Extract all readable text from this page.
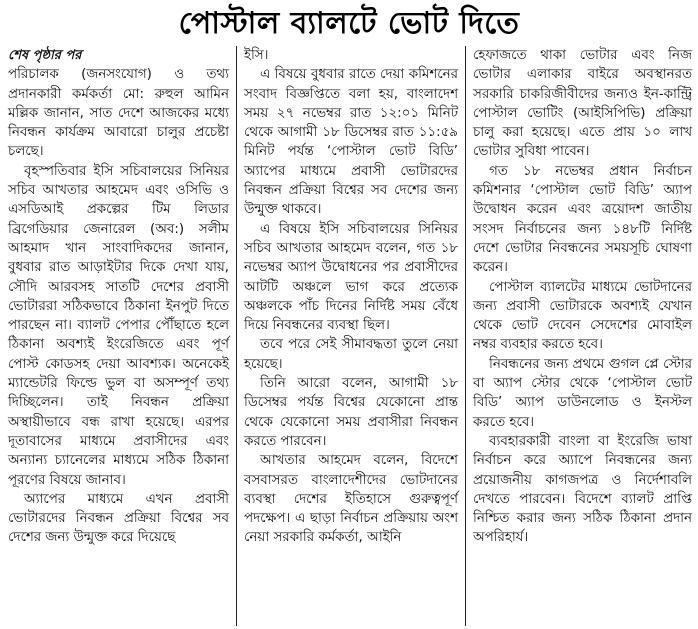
পোস্টাল ব্যালটে ভোট দিতে
শেষ পৃষ্ঠার পর

পরিচালক (জনসংযোগ) ও তথ্য প্রদানকারী কর্মকর্তা মো: রুহুল আমিন মল্লিক জানান, সাত দেশে আজকের মধ্যে নিবন্ধন কার্যক্রম আবারো চালুর প্রচেষ্টা চলছে।

বৃহস্পতিবার ইসি সচিবালয়ের সিনিয়র সচিব আখতার আহমেদ এবং ওসিভি ও এসডিআই প্রকল্পের টিম লিডার ব্রিগেডিয়ার জেনারেল (অব:) সলীম আহমাদ খান সাংবাদিকদের জানান, বুধবার রাত আড়াইটার দিকে দেখা যায়, সৌদি আরবসহ সাতটি দেশের প্রবাসী ভোটাররা সঠিকভাবে ঠিকানা ইনপুট দিতে পারছেন না। ব্যালট পেপার পৌঁছাতে হলে ঠিকানা অবশ্যই ইংরেজিতে এবং পূর্ণ পোস্ট কোডসহ দেয়া আবশ্যক। অনেকেই ম্যান্ডেটরি ফিল্ডে ভুল বা অসম্পূর্ণ তথ্য দিচ্ছিলেন। তাই নিবন্ধন প্রক্রিয়া অস্থায়ীভাবে বন্ধ রাখা হয়েছে। এরপর দূতাবাসের মাধ্যমে প্রবাসীদের এবং অন্যান্য চ্যানেলের মাধ্যমে সঠিক ঠিকানা পূরণের বিষয়ে জানাব।

অ্যাপের মাধ্যমে এখন প্রবাসী ভোটারদের নিবন্ধন প্রক্রিয়া বিশ্বের সব দেশের জন্য উন্মুক্ত করে দিয়েছে

ইসি।

এ বিষয়ে বুধবার রাতে দেয়া কমিশনের সংবাদ বিজ্ঞপ্তিতে বলা হয়, বাংলাদেশ সময় ২৭ নভেম্বর রাত ১২:০১ মিনিট থেকে আগামী ১৮ ডিসেম্বর রাত ১১:৫৯ মিনিট পর্যন্ত ‘পোস্টাল ভোট বিডি’ অ্যাপের মাধ্যমে প্রবাসী ভোটারদের নিবন্ধন প্রক্রিয়া বিশ্বের সব দেশের জন্য উন্মুক্ত থাকবে।

এ বিষয়ে ইসি সচিবালয়ের সিনিয়র সচিব আখতার আহমেদ বলেন, গত ১৮ নভেম্বর অ্যাপ উদ্বোধনের পর প্রবাসীদের আটটি অঞ্চলে ভাগ করে প্রত্যেক অঞ্চলকে পাঁচ দিনের নির্দিষ্ট সময় বেঁধে দিয়ে নিবন্ধনের ব্যবস্থা ছিল।

তবে পরে সেই সীমাবদ্ধতা তুলে নেয়া হয়েছে।

তিনি আরো বলেন, আগামী ১৮ ডিসেম্বর পর্যন্ত বিশ্বের যেকোনো প্রান্ত থেকে যেকোনো সময় প্রবাসীরা নিবন্ধন করতে পারবেন।

আখতার আহমেদ বলেন, বিদেশে বসবাসরত বাংলাদেশীদের ভোটদানের ব্যবস্থা দেশের ইতিহাসে গুরুত্বপূর্ণ পদক্ষেপ। এ ছাড়া নির্বাচন প্রক্রিয়ায় অংশ নেয়া সরকারি কর্মকর্তা, আইনি

হেফাজতে থাকা ভোটার এবং নিজ ভোটার এলাকার বাইরে অবস্থানরত সরকারি চাকরিজীবীদের জন্যও ইন-কান্ট্রি পোস্টাল ভোটিং (আইসিপিভি) প্রক্রিয়া চালু করা হয়েছে। এতে প্রায় ১০ লাখ ভোটার সুবিধা পাবেন।

গত ১৮ নভেম্বর প্রধান নির্বাচন কমিশনার ‘পোস্টাল ভোট বিডি’ অ্যাপ উদ্বোধন করেন এবং ত্রয়োদশ জাতীয় সংসদ নির্বাচনের জন্য ১৪৮টি নির্দিষ্ট দেশে ভোটার নিবন্ধনের সময়সূচি ঘোষণা করেন।

পোস্টাল ব্যালটের মাধ্যমে ভোটদানের জন্য প্রবাসী ভোটারকে অবশ্যই যেখান থেকে ভোট দেবেন সেদেশের মোবাইল নম্বর ব্যবহার করতে হবে।

নিবন্ধনের জন্য প্রথমে গুগল প্লে স্টোর বা অ্যাপ স্টোর থেকে ‘পোস্টাল ভোট বিডি’ অ্যাপ ডাউনলোড ও ইনস্টল করতে হবে।

ব্যবহারকারী বাংলা বা ইংরেজি ভাষা নির্বাচন করে অ্যাপে নিবন্ধনের জন্য প্রয়োজনীয় কাগজপত্র ও নির্দেশাবলি দেখতে পারবেন। বিদেশে ব্যালট প্রাপ্তি নিশ্চিত করার জন্য সঠিক ঠিকানা প্রদান অপরিহার্য।
